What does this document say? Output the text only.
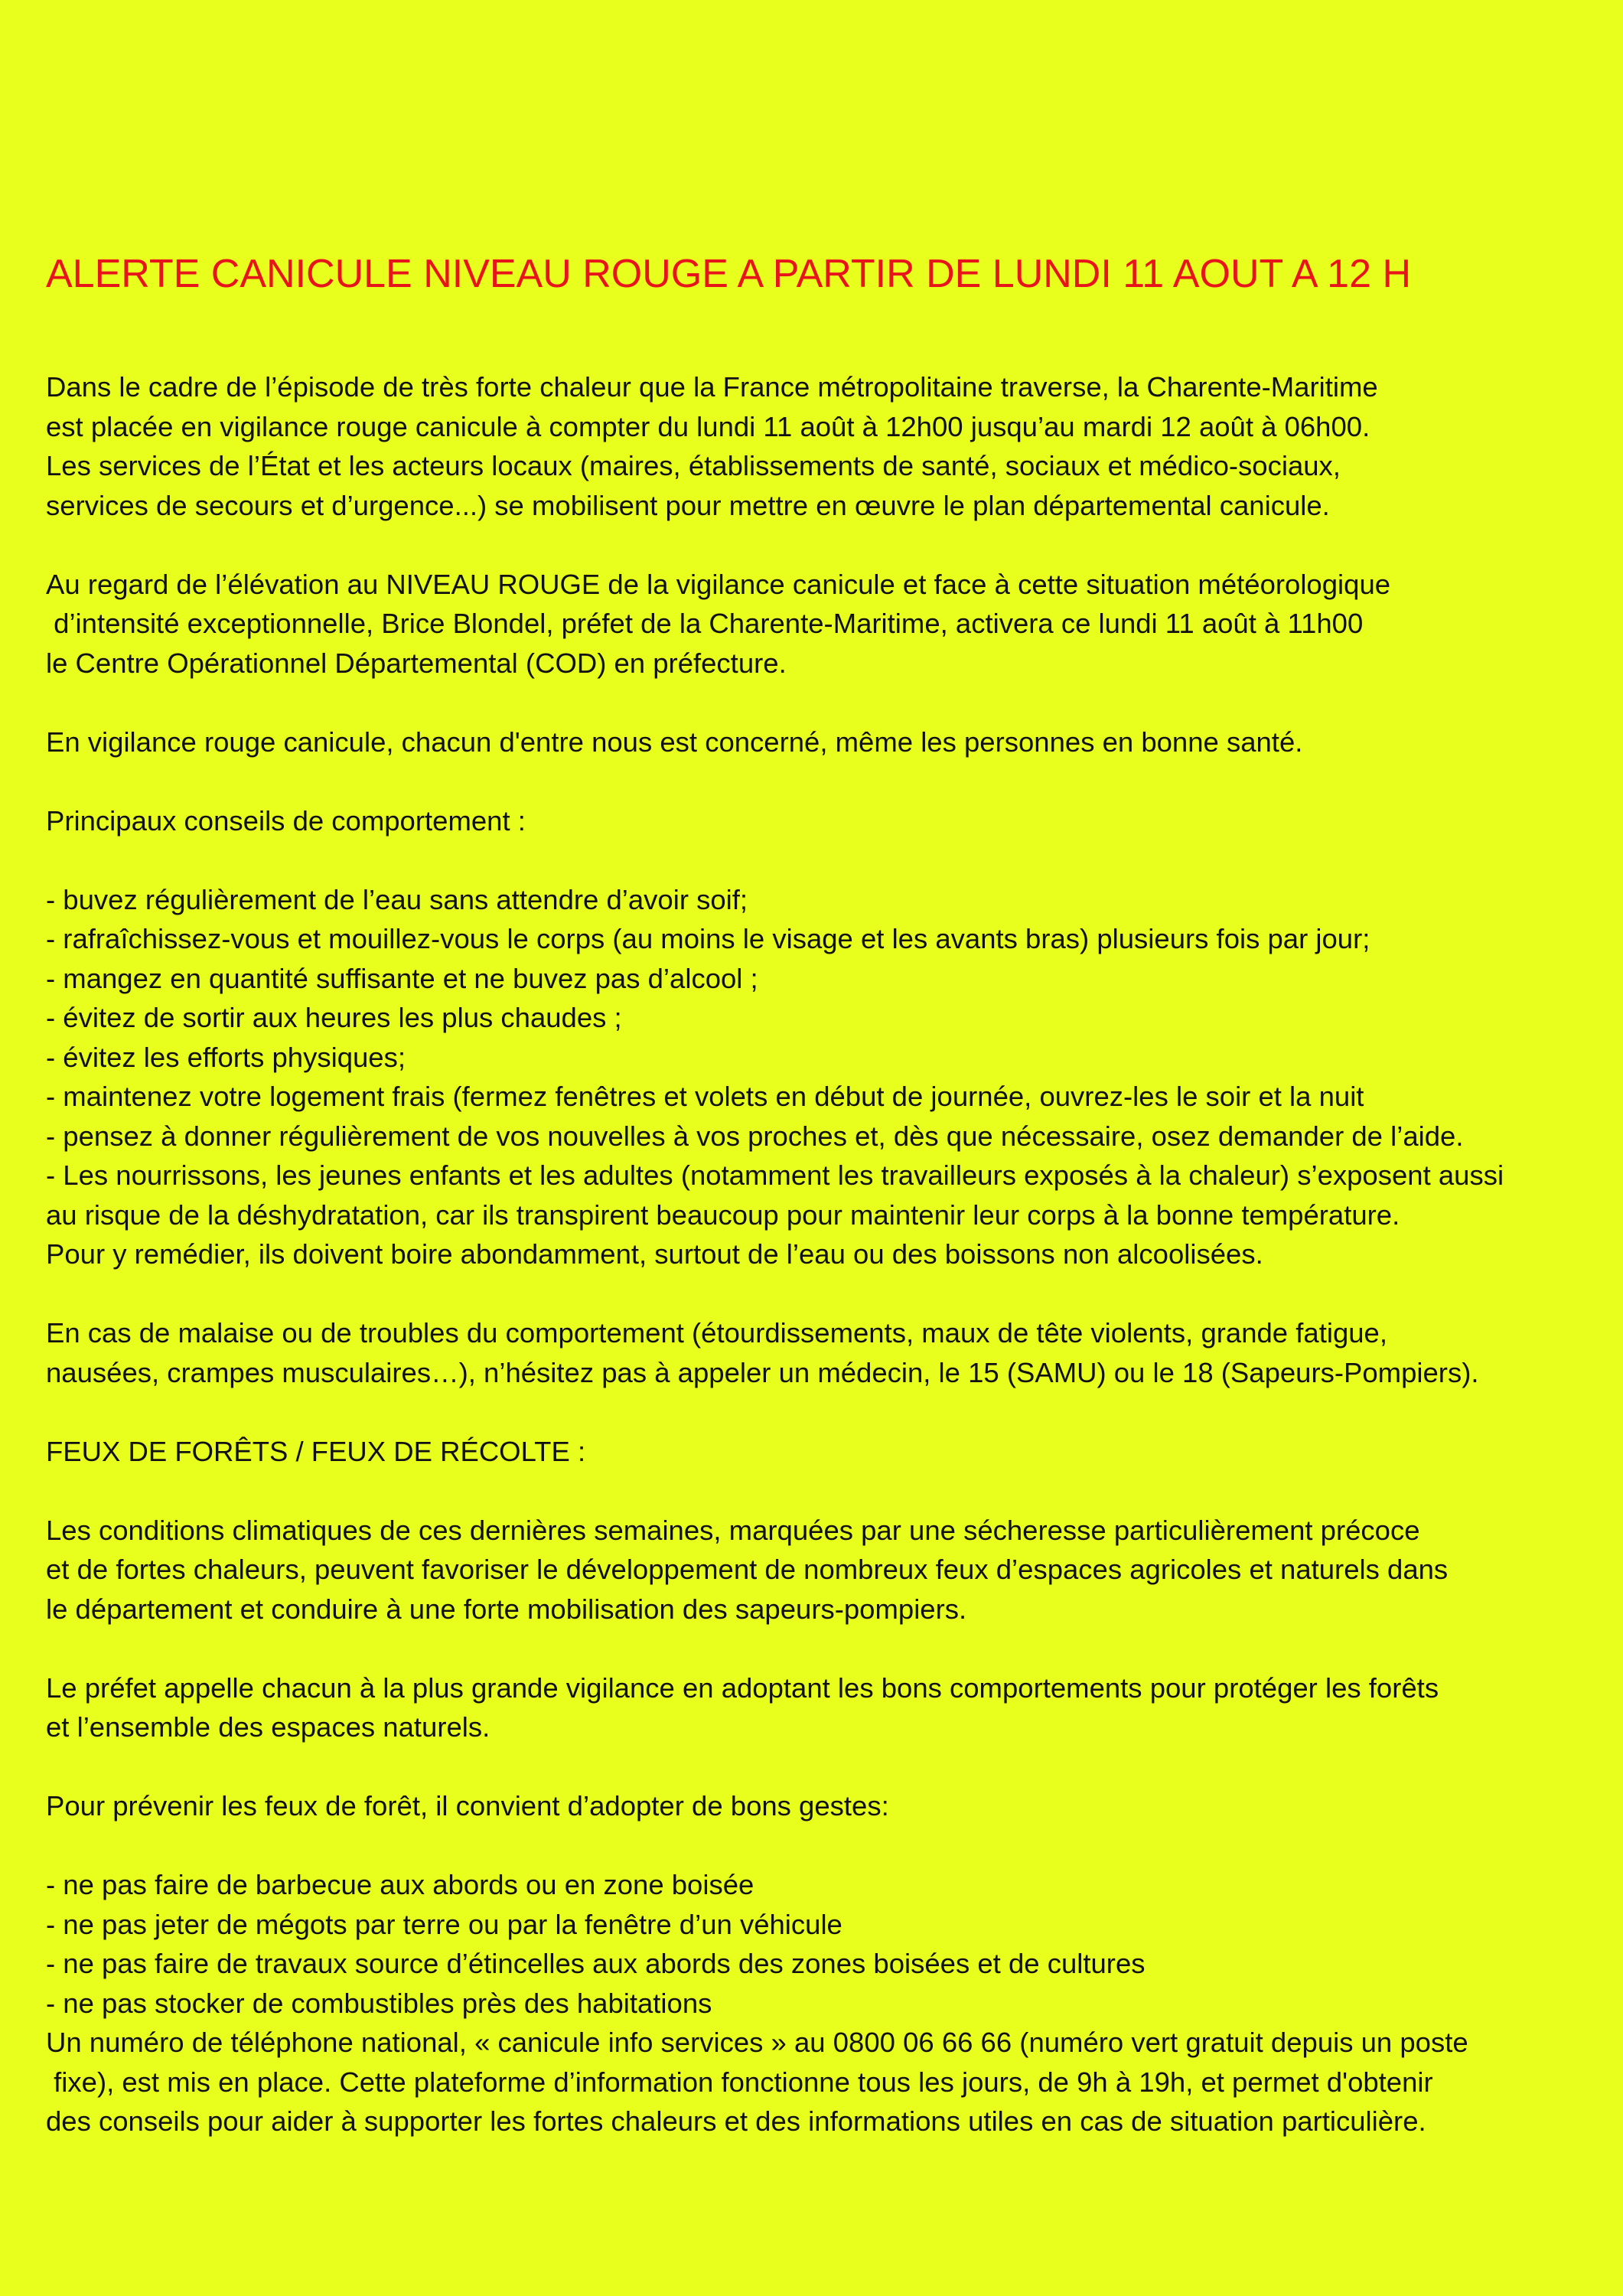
ALERTE CANICULE NIVEAU ROUGE A PARTIR DE LUNDI 11 AOUT A 12 H
Dans le cadre de l’épisode de très forte chaleur que la France métropolitaine traverse, la Charente-Maritime
est placée en vigilance rouge canicule à compter du lundi 11 août à 12h00 jusqu’au mardi 12 août à 06h00.
Les services de l’État et les acteurs locaux (maires, établissements de santé, sociaux et médico-sociaux,
services de secours et d’urgence...) se mobilisent pour mettre en œuvre le plan départemental canicule.
Au regard de l’élévation au NIVEAU ROUGE de la vigilance canicule et face à cette situation météorologique
d’intensité exceptionnelle, Brice Blondel, préfet de la Charente-Maritime, activera ce lundi 11 août à 11h00
le Centre Opérationnel Départemental (COD) en préfecture.
En vigilance rouge canicule, chacun d'entre nous est concerné, même les personnes en bonne santé.
Principaux conseils de comportement :
- buvez régulièrement de l’eau sans attendre d’avoir soif;
- rafraîchissez-vous et mouillez-vous le corps (au moins le visage et les avants bras) plusieurs fois par jour;
- mangez en quantité suffisante et ne buvez pas d’alcool ;
- évitez de sortir aux heures les plus chaudes ;
- évitez les efforts physiques;
- maintenez votre logement frais (fermez fenêtres et volets en début de journée, ouvrez-les le soir et la nuit
- pensez à donner régulièrement de vos nouvelles à vos proches et, dès que nécessaire, osez demander de l’aide.
- Les nourrissons, les jeunes enfants et les adultes (notamment les travailleurs exposés à la chaleur) s’exposent aussi
au risque de la déshydratation, car ils transpirent beaucoup pour maintenir leur corps à la bonne température.
Pour y remédier, ils doivent boire abondamment, surtout de l’eau ou des boissons non alcoolisées.
En cas de malaise ou de troubles du comportement (étourdissements, maux de tête violents, grande fatigue,
nausées, crampes musculaires…), n’hésitez pas à appeler un médecin, le 15 (SAMU) ou le 18 (Sapeurs-Pompiers).
FEUX DE FORÊTS / FEUX DE RÉCOLTE :
Les conditions climatiques de ces dernières semaines, marquées par une sécheresse particulièrement précoce
et de fortes chaleurs, peuvent favoriser le développement de nombreux feux d’espaces agricoles et naturels dans
le département et conduire à une forte mobilisation des sapeurs-pompiers.
Le préfet appelle chacun à la plus grande vigilance en adoptant les bons comportements pour protéger les forêts
et l’ensemble des espaces naturels.
Pour prévenir les feux de forêt, il convient d’adopter de bons gestes:
- ne pas faire de barbecue aux abords ou en zone boisée
- ne pas jeter de mégots par terre ou par la fenêtre d’un véhicule
- ne pas faire de travaux source d’étincelles aux abords des zones boisées et de cultures
- ne pas stocker de combustibles près des habitations
Un numéro de téléphone national, « canicule info services » au 0800 06 66 66 (numéro vert gratuit depuis un poste
fixe), est mis en place. Cette plateforme d’information fonctionne tous les jours, de 9h à 19h, et permet d'obtenir
des conseils pour aider à supporter les fortes chaleurs et des informations utiles en cas de situation particulière.
